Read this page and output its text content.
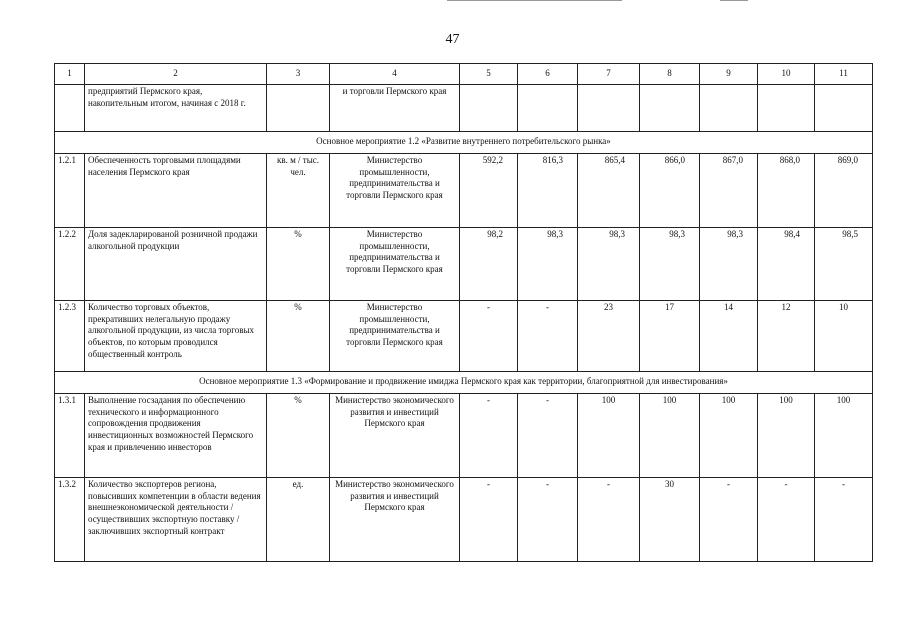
47
1	2	3	4	5	6	7	8	9	10	11
	предприятий Пермского края, накопительным итогом, начиная с 2018 г.		и торговли Пермского края							
Основное мероприятие 1.2 «Развитие внутреннего потребительского рынка»										
1.2.1	Обеспеченность торговыми площадями населения Пермского края	кв. м / тыс. чел.	Министерство промышленности, предпринимательства и торговли Пермского края	592,2	816,3	865,4	866,0	867,0	868,0	869,0
1.2.2	Доля задекларированой розничной продажи алкогольной продукции	%	Министерство промышленности, предпринимательства и торговли Пермского края	98,2	98,3	98,3	98,3	98,3	98,4	98,5
1.2.3	Количество торговых объектов, прекративших нелегальную продажу алкогольной продукции, из числа торговых объектов, по которым проводился общественный контроль	%	Министерство промышленности, предпринимательства и торговли Пермского края	-	-	23	17	14	12	10
Основное мероприятие 1.3 «Формирование и продвижение имиджа Пермского края как территории, благоприятной для инвестирования»										
1.3.1	Выполнение госзадания по обеспечению технического и информационного сопровождения продвижения инвестиционных возможностей Пермского края и привлечению инвесторов	%	Министерство экономического развития и инвестиций Пермского края	-	-	100	100	100	100	100
1.3.2	Количество экспортеров региона, повысивших компетенции в области ведения внешнеэкономической деятельности / осуществивших экспортную поставку / заключивших экспортный контракт	ед.	Министерство экономического развития и инвестиций Пермского края	-	-	-	30	-	-	-
